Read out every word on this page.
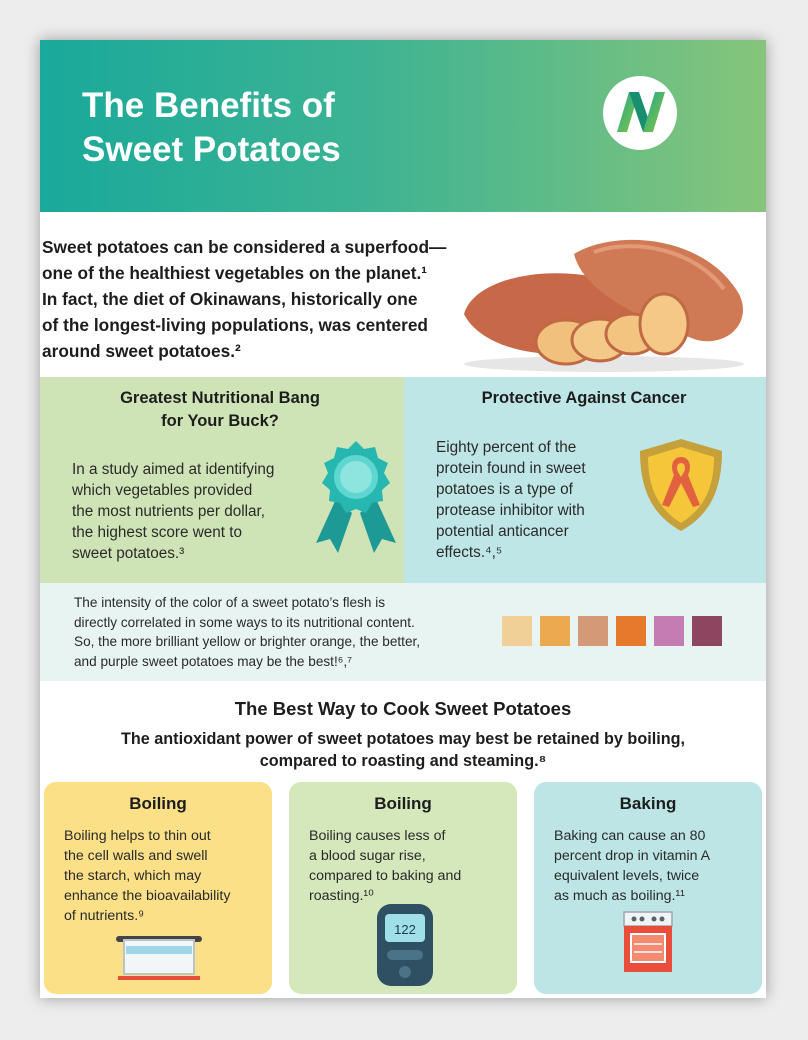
The Benefits of
Sweet Potatoes

Sweet potatoes can be considered a superfood—
one of the healthiest vegetables on the planet.¹
In fact, the diet of Okinawans, historically one
of the longest-living populations, was centered
around sweet potatoes.²

Greatest Nutritional Bang
for Your Buck?

In a study aimed at identifying
which vegetables provided
the most nutrients per dollar,
the highest score went to
sweet potatoes.³

Protective Against Cancer

Eighty percent of the
protein found in sweet
potatoes is a type of
protease inhibitor with
potential anticancer
effects.⁴,⁵

The intensity of the color of a sweet potato’s flesh is
directly correlated in some ways to its nutritional content.
So, the more brilliant yellow or brighter orange, the better,
and purple sweet potatoes may be the best!⁶,⁷

The Best Way to Cook Sweet Potatoes

The antioxidant power of sweet potatoes may best be retained by boiling,
compared to roasting and steaming.⁸

Boiling

Boiling helps to thin out
the cell walls and swell
the starch, which may
enhance the bioavailability
of nutrients.⁹

Boiling

Boiling causes less of
a blood sugar rise,
compared to baking and
roasting.¹⁰

122
Baking

Baking can cause an 80
percent drop in vitamin A
equivalent levels, twice
as much as boiling.¹¹
